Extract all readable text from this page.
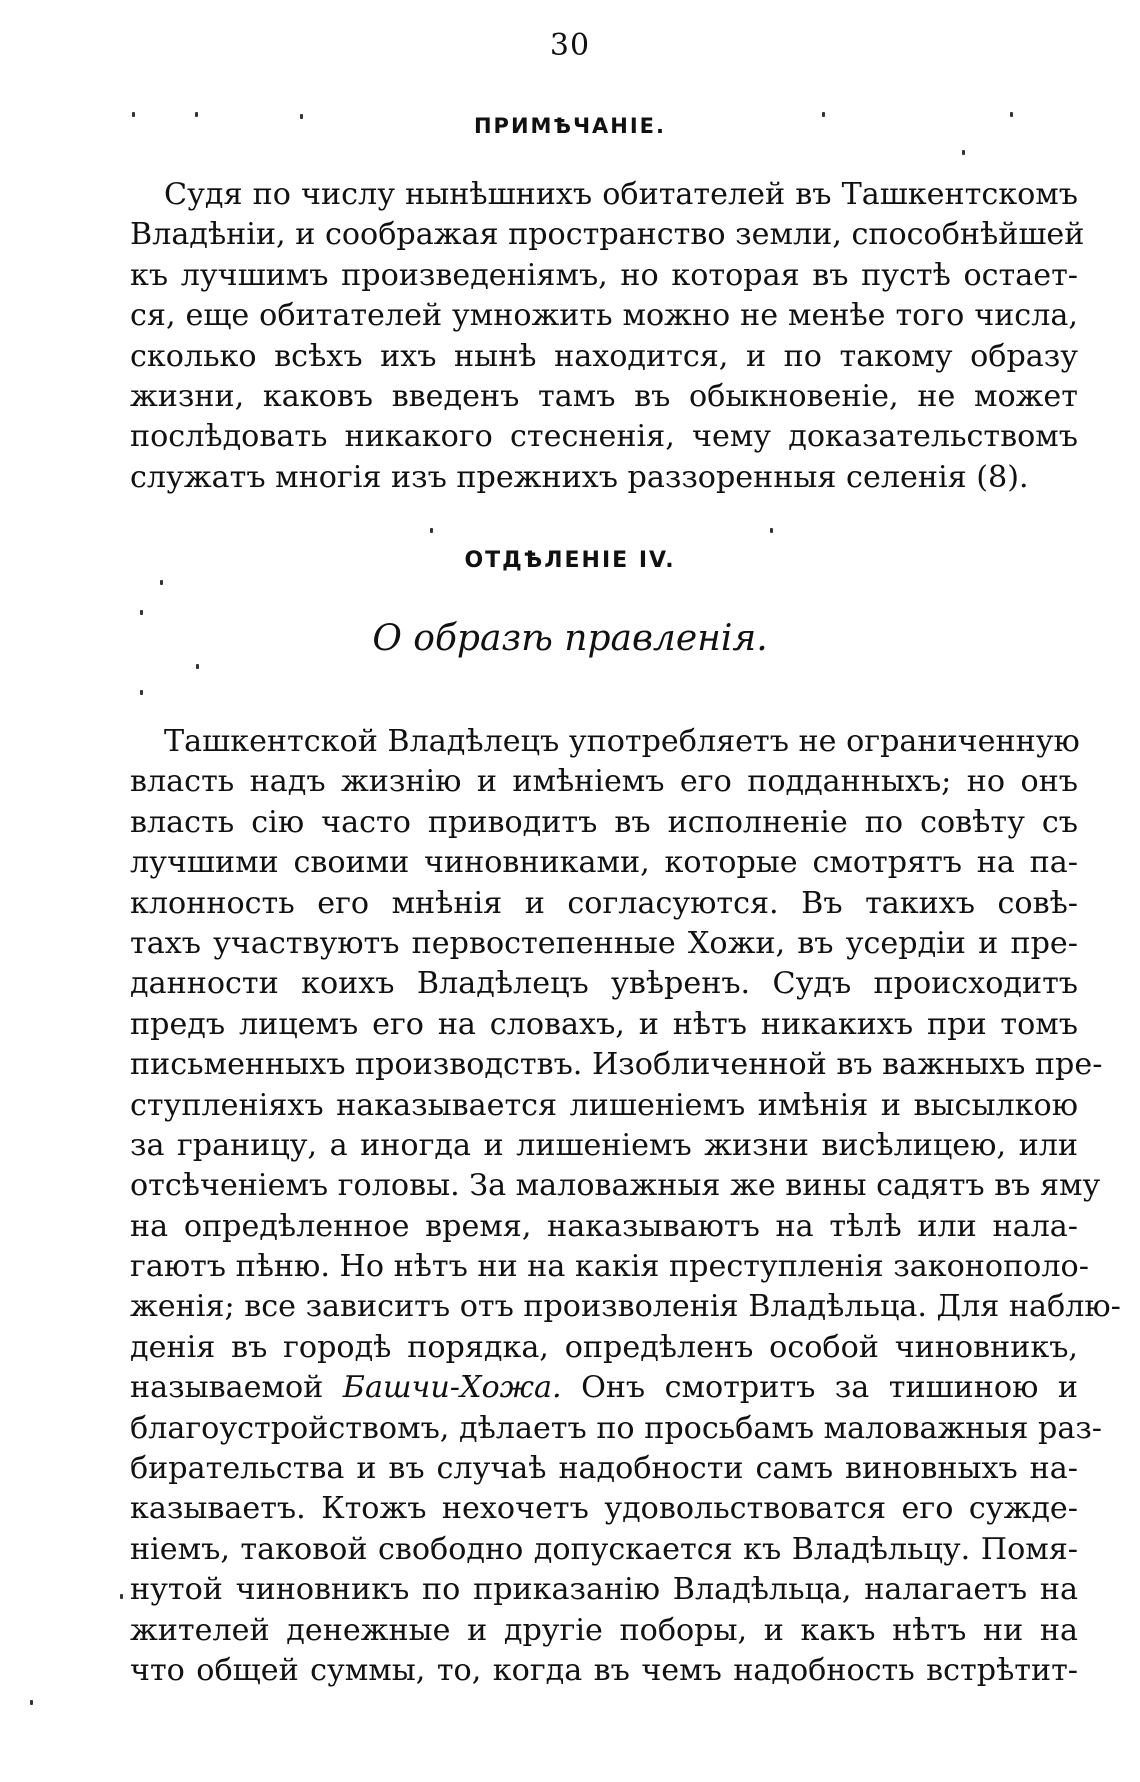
30
ПРИМѢЧАНІЕ.
Судя по числу нынѣшнихъ обитателей въ Ташкентскомъ
Владѣніи, и соображая пространство земли, способнѣйшей
къ лучшимъ произведеніямъ, но которая въ пустѣ остает-
ся, еще обитателей умножить можно не менѣе того числа,
сколько всѣхъ ихъ нынѣ находится, и по такому образу
жизни, каковъ введенъ тамъ въ обыкновеніе, не может
послѣдовать никакого стесненія, чему доказательствомъ
служатъ многія изъ прежнихъ раззоренныя селенія (8).
ОТДѢЛЕНІЕ IV.
О образѣ правленія.
Ташкентской Владѣлецъ употребляетъ не ограниченную
власть надъ жизнію и имѣніемъ его подданныхъ; но онъ
власть сію часто приводитъ въ исполненіе по совѣту съ
лучшими своими чиновниками, которые смотрятъ на па-
клонность его мнѣнія и согласуются. Въ такихъ совѣ-
тахъ участвуютъ первостепенные Хожи, въ усердіи и пре-
данности коихъ Владѣлецъ увѣренъ. Судъ происходитъ
предъ лицемъ его на словахъ, и нѣтъ никакихъ при томъ
письменныхъ производствъ. Изобличенной въ важныхъ пре-
ступленіяхъ наказывается лишеніемъ имѣнія и высылкою
за границу, а иногда и лишеніемъ жизни висѣлицею, или
отсѣченіемъ головы. За маловажныя же вины садятъ въ яму
на опредѣленное время, наказываютъ на тѣлѣ или нала-
гаютъ пѣню. Но нѣтъ ни на какія преступленія законополо-
женія; все зависитъ отъ произволенія Владѣльца. Для наблю-
денія въ городѣ порядка, опредѣленъ особой чиновникъ,
называемой Башчи-Хожа. Онъ смотритъ за тишиною и
благоустройствомъ, дѣлаетъ по просьбамъ маловажныя раз-
бирательства и въ случаѣ надобности самъ виновныхъ на-
казываетъ. Ктожъ нехочетъ удовольствоватся его сужде-
ніемъ, таковой свободно допускается къ Владѣльцу. Помя-
нутой чиновникъ по приказанію Владѣльца, налагаетъ на
жителей денежные и другіе поборы, и какъ нѣтъ ни на
что общей суммы, то, когда въ чемъ надобность встрѣтит-
